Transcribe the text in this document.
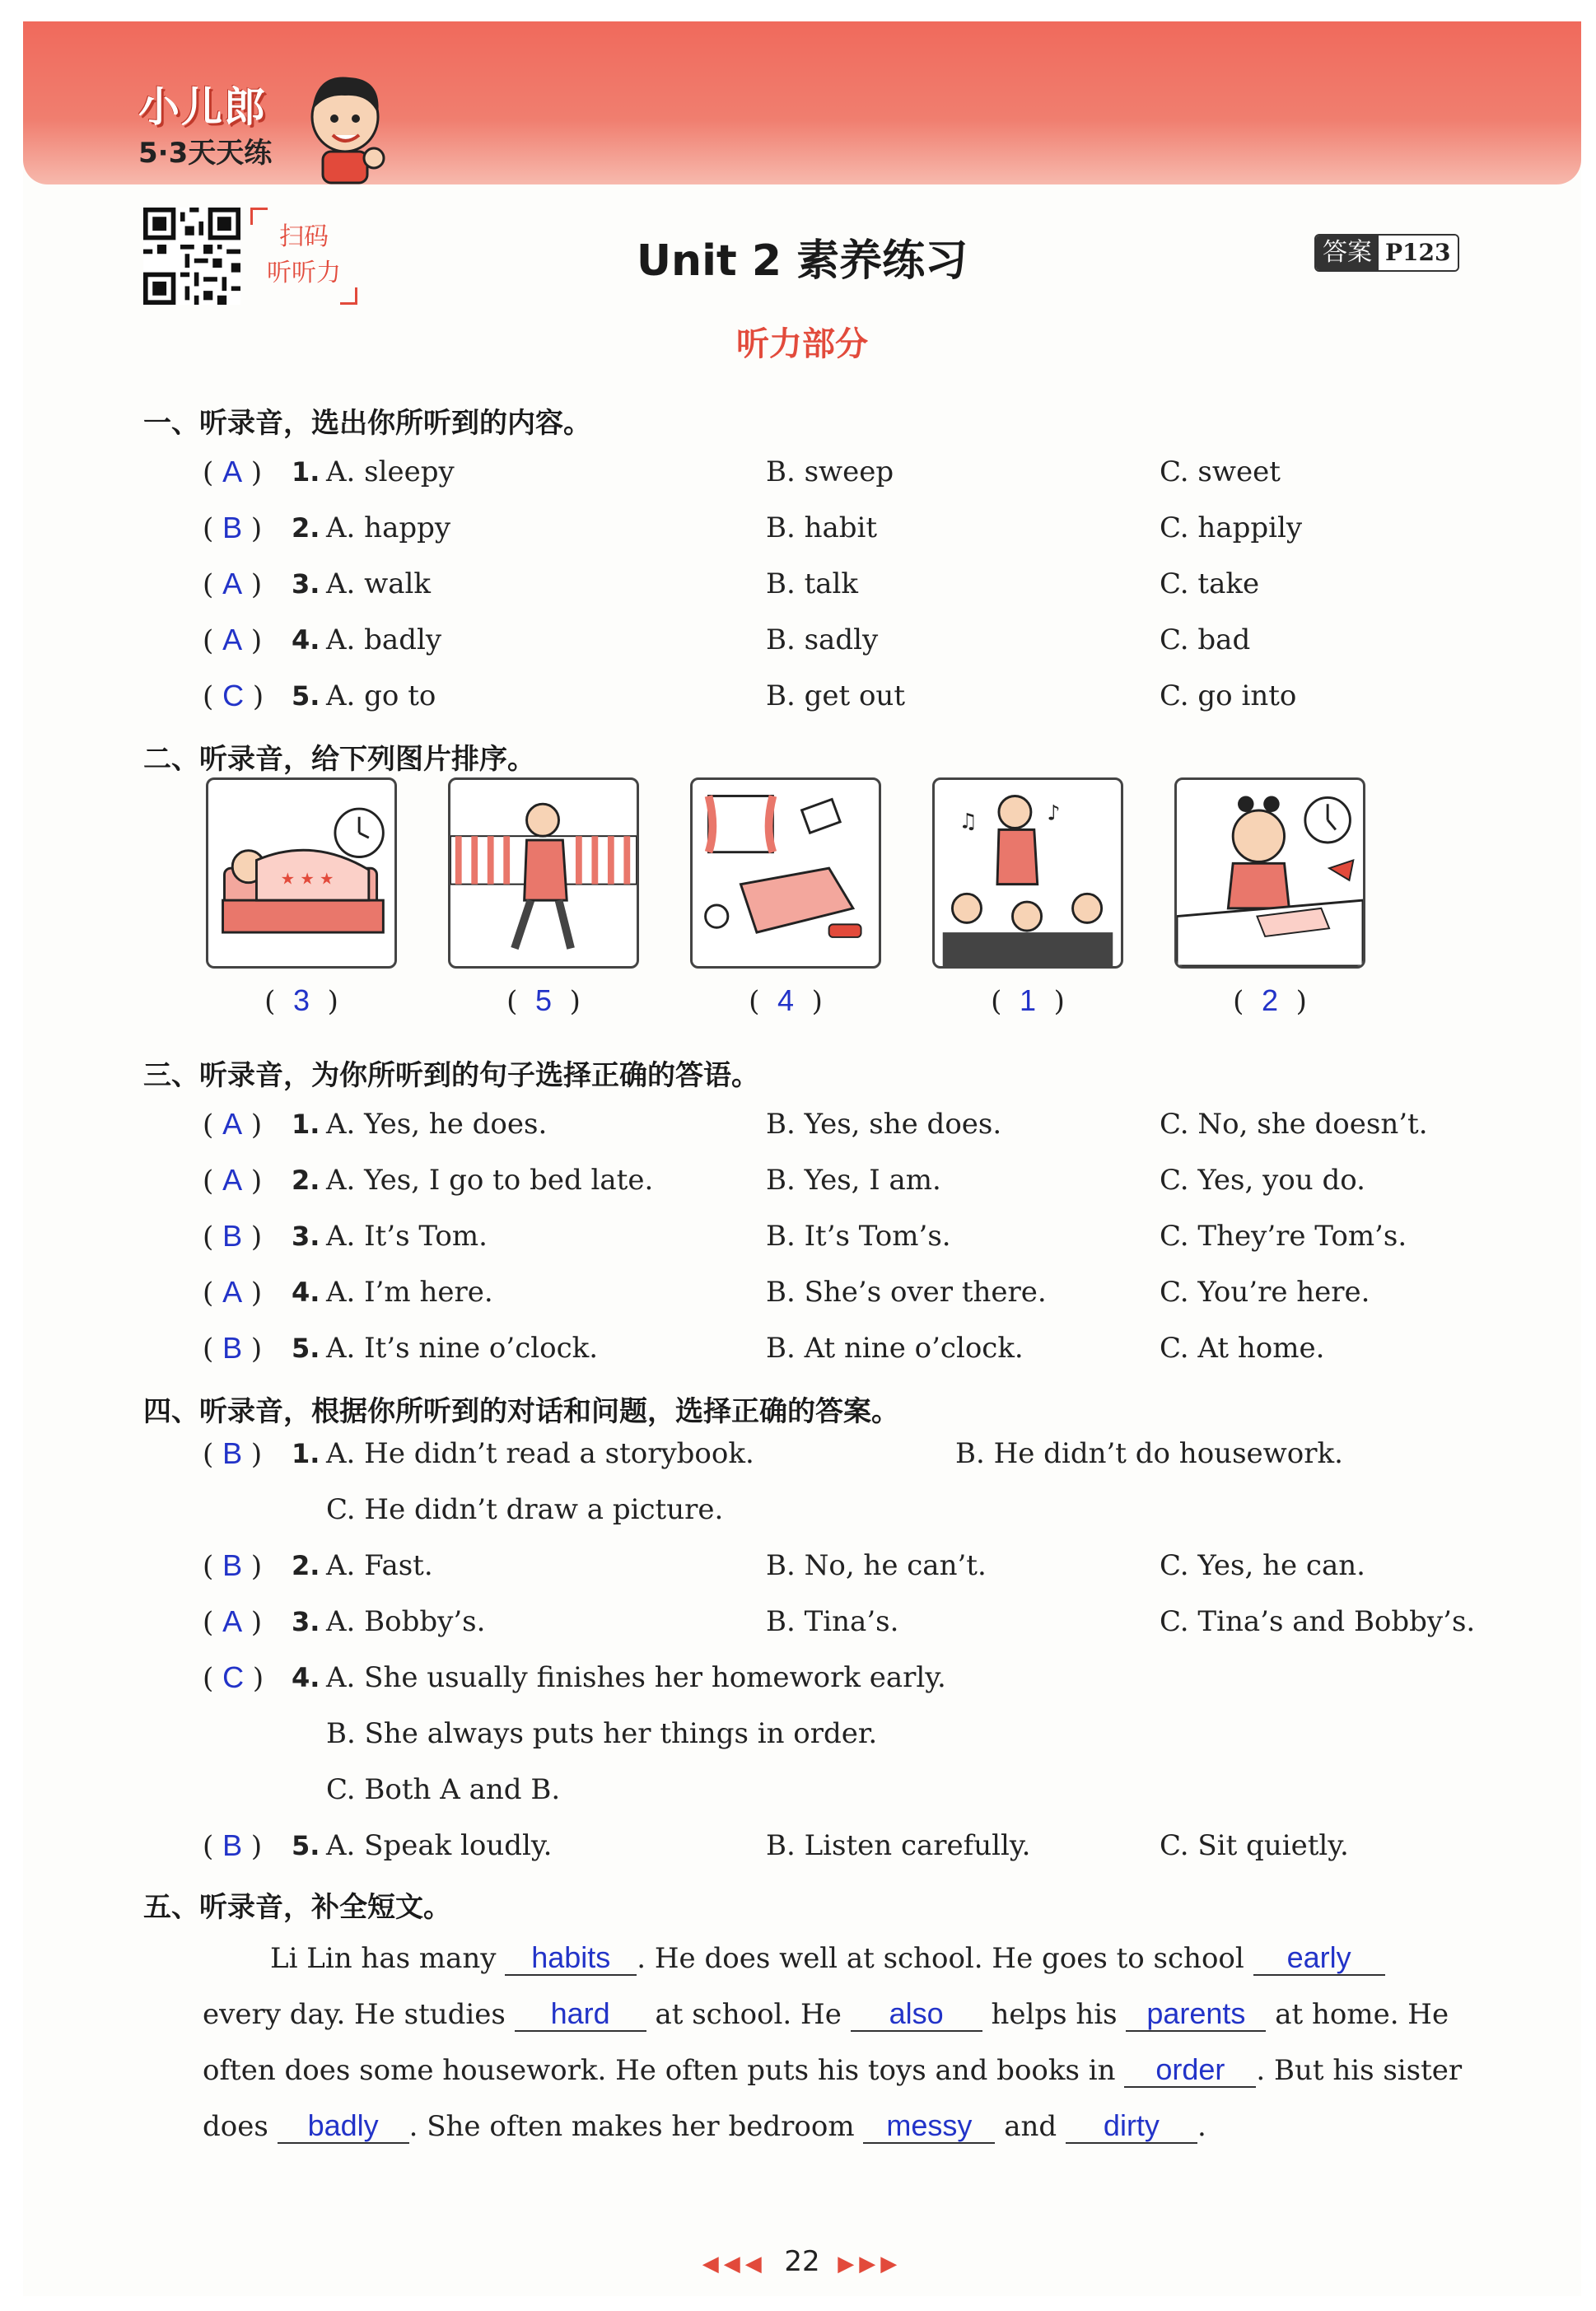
小儿郎
5·3天天练
扫码
听听力	Unit 2 素养练习	答案 P123
听力部分
一、听录音，选出你所听到的内容。
二、听录音，给下列图片排序。
★ ★ ★
♪
♫
三、听录音，为你所听到的句子选择正确的答语。
四、听录音，根据你所听到的对话和问题，选择正确的答案。
( B ) 1. A. He didn’t read a storybook.	B. He didn’t do housework.
C. He didn’t draw a picture.
( B ) 2. A. Fast.	B. No, he can’t.	C. Yes, he can.
( A ) 3. A. Bobby’s.	B. Tina’s.	C. Tina’s and Bobby’s.
( C ) 4. A. She usually finishes her homework early.
B. She always puts her things in order.
C. Both A and B.
( B ) 5. A. Speak loudly.	B. Listen carefully.	C. Sit quietly.
五、听录音，补全短文。
Li Lin has many habits . He does well at school. He goes to school early
every day. He studies hard at school. He also helps his parents at home. He
often does some housework. He often puts his toys and books in order . But his sister
does badly . She often makes her bedroom messy and dirty .
◀◀◀ 22 ▶▶▶
( A ) 1. A. sleepy	B. sweep	C. sweet
( B ) 2. A. happy	B. habit	C. happily
( A ) 3. A. walk	B. talk	C. take
( A ) 4. A. badly	B. sadly	C. bad
( C ) 5. A. go to	B. get out	C. go into
( A ) 1. A. Yes, he does.	B. Yes, she does.	C. No, she doesn’t.
( A ) 2. A. Yes, I go to bed late.	B. Yes, I am.	C. Yes, you do.
( B ) 3. A. It’s Tom.	B. It’s Tom’s.	C. They’re Tom’s.
( A ) 4. A. I’m here.	B. She’s over there.	C. You’re here.
( B ) 5. A. It’s nine o’clock.	B. At nine o’clock.	C. At home.
(  3  )	(  5  )	(  4  )	(  1  )	(  2  )
